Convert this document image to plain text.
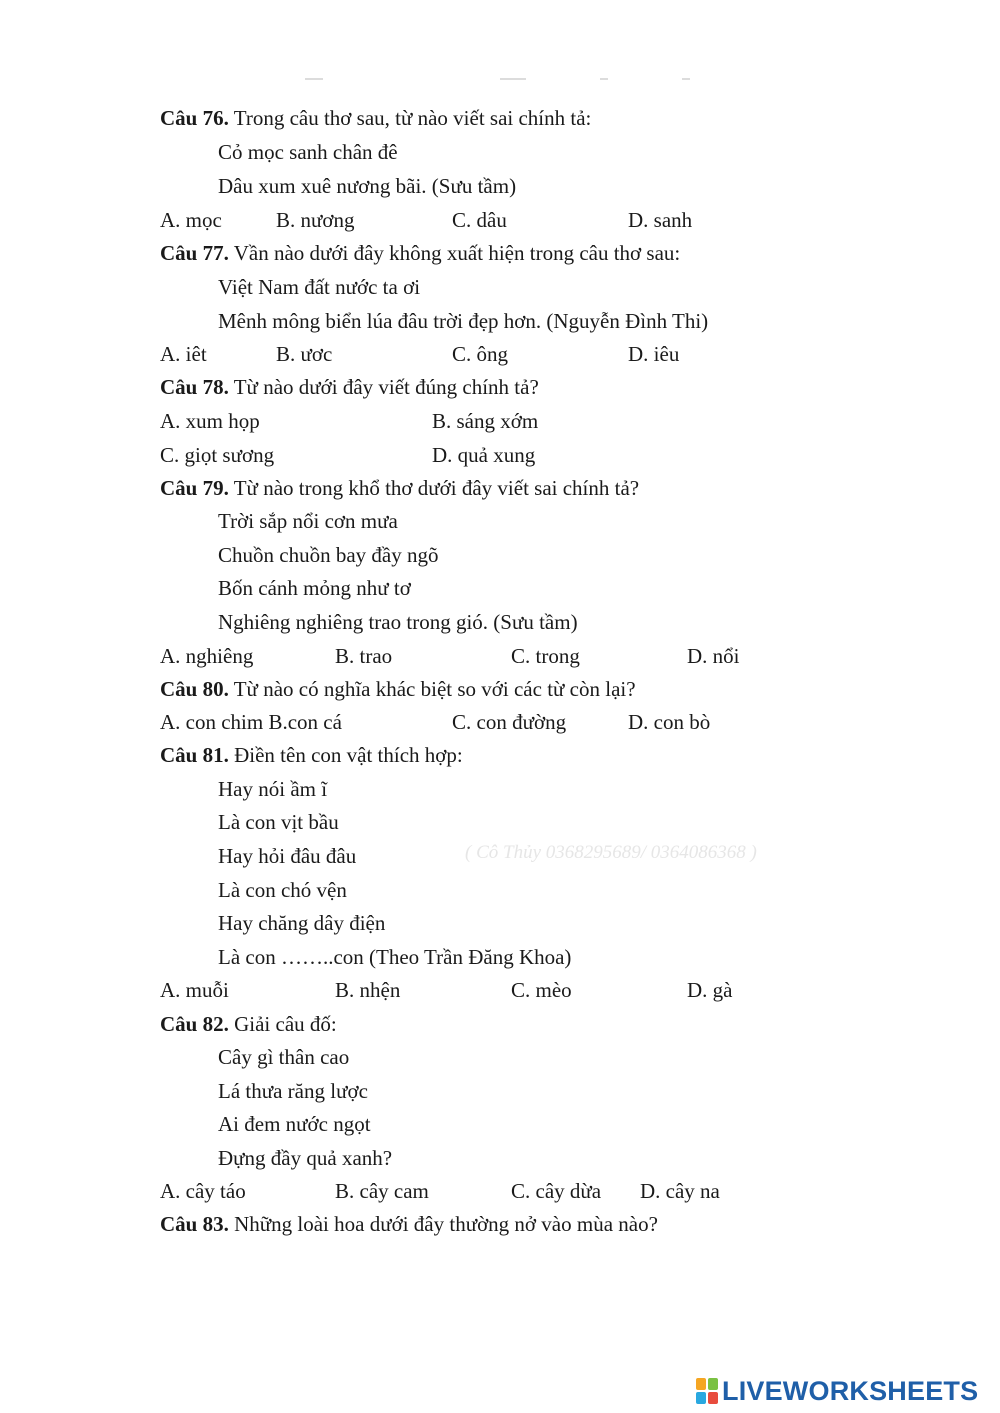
Câu 76. Trong câu thơ sau, từ nào viết sai chính tả:
Cỏ mọc sanh chân đê
Dâu xum xuê nương bãi. (Sưu tầm)
A. mọc	B. nương	C. dâu	D. sanh
Câu 77. Vần nào dưới đây không xuất hiện trong câu thơ sau:
Việt Nam đất nước ta ơi
Mênh mông biển lúa đâu trời đẹp hơn. (Nguyễn Đình Thi)
A. iêt	B. ươc	C. ông	D. iêu
Câu 78. Từ nào dưới đây viết đúng chính tả?
A. xum họp	B. sáng xớm
C. giọt sương	D. quả xung
Câu 79. Từ nào trong khổ thơ dưới đây viết sai chính tả?
Trời sắp nổi cơn mưa
Chuồn chuồn bay đầy ngõ
Bốn cánh mỏng như tơ
Nghiêng nghiêng trao trong gió. (Sưu tầm)
A. nghiêng	B. trao	C. trong	D. nổi
Câu 80. Từ nào có nghĩa khác biệt so với các từ còn lại?
A. con chim B.con cá	C. con đường	D. con bò
Câu 81. Điền tên con vật thích hợp:
Hay nói ầm ĩ
Là con vịt bầu
Hay hỏi đâu đâu	( Cô Thủy 0368295689/ 0364086368 )
Là con chó vện
Hay chăng dây điện
Là con ……..con (Theo Trần Đăng Khoa)
A. muỗi	B. nhện	C. mèo	D. gà
Câu 82. Giải câu đố:
Cây gì thân cao
Lá thưa răng lược
Ai đem nước ngọt
Đựng đầy quả xanh?
A. cây táo	B. cây cam	C. cây dừa D. cây na
Câu 83. Những loài hoa dưới đây thường nở vào mùa nào?
LIVEWORKSHEETS
